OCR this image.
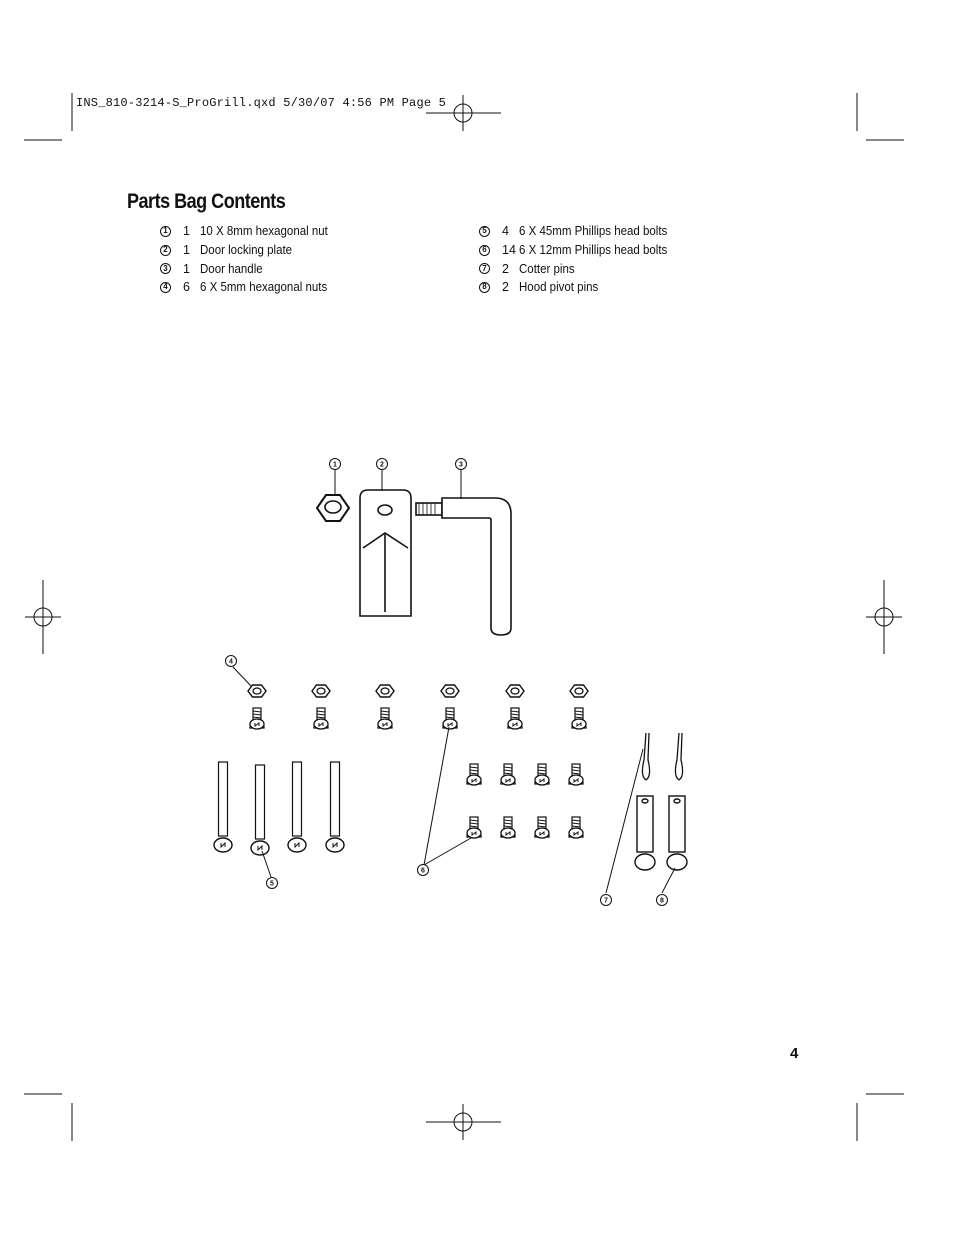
INS_810-3214-S_ProGrill.qxd 5/30/07 4:56 PM Page 5
Parts Bag Contents
1 1 10 X 8mm hexagonal nut
2 1 Door locking plate
3 1 Door handle
4 6 6 X 5mm hexagonal nuts
5 4 6 X 45mm Phillips head bolts
6 14 6 X 12mm Phillips head bolts
7 2 Cotter pins
8 2 Hood pivot pins
1	2	3
4
5
6
7	8
4
